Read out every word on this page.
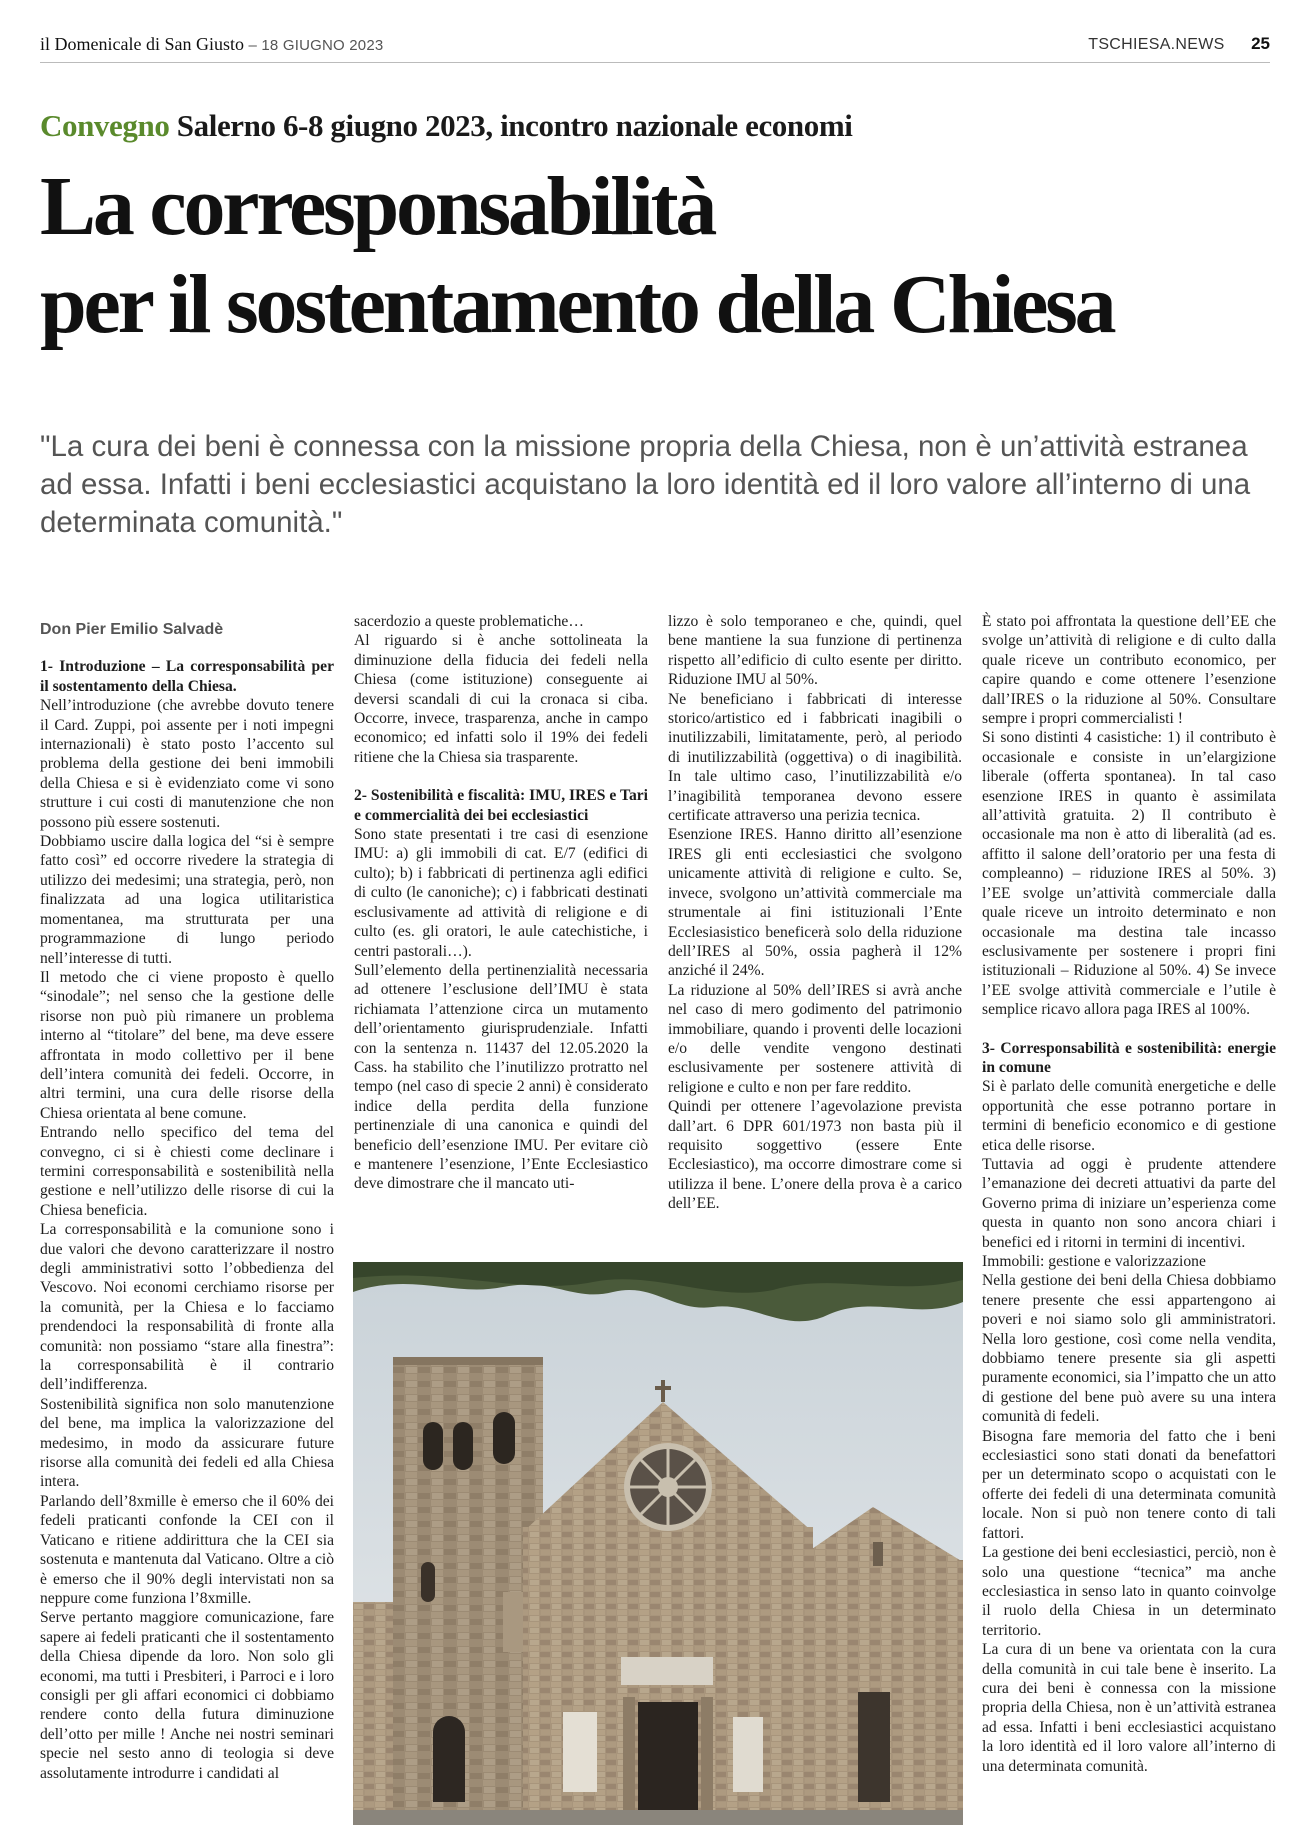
il Domenicale di San Giusto – 18 GIUGNO 2023	TSCHIESA.NEWS 25
Convegno Salerno 6-8 giugno 2023, incontro nazionale economi
La corresponsabilità
per il sostentamento della Chiesa
"La cura dei beni è connessa con la missione propria della Chiesa, non è un’attività estranea ad essa. Infatti i beni ecclesiastici acquistano la loro identità ed il loro valore all’interno di una determinata comunità."
Don Pier Emilio Salvadè

1- Introduzione – La corresponsabilità per il sostentamento della Chiesa.

Nell’introduzione (che avrebbe dovuto tenere il Card. Zuppi, poi assente per i noti impegni internazionali) è stato posto l’accento sul problema della gestione dei beni immobili della Chiesa e si è evidenziato come vi sono strutture i cui costi di manutenzione che non possono più essere sostenuti.

Dobbiamo uscire dalla logica del “si è sempre fatto così” ed occorre rivedere la strategia di utilizzo dei medesimi; una strategia, però, non finalizzata ad una logica utilitaristica momentanea, ma strutturata per una programmazione di lungo periodo nell’interesse di tutti.

Il metodo che ci viene proposto è quello “sinodale”; nel senso che la gestione delle risorse non può più rimanere un problema interno al “titolare” del bene, ma deve essere affrontata in modo collettivo per il bene dell’intera comunità dei fedeli. Occorre, in altri termini, una cura delle risorse della Chiesa orientata al bene comune.

Entrando nello specifico del tema del convegno, ci si è chiesti come declinare i termini corresponsabilità e sostenibilità nella gestione e nell’utilizzo delle risorse di cui la Chiesa beneficia.

La corresponsabilità e la comunione sono i due valori che devono caratterizzare il nostro degli amministrativi sotto l’obbedienza del Vescovo. Noi economi cerchiamo risorse per la comunità, per la Chiesa e lo facciamo prendendoci la responsabilità di fronte alla comunità: non possiamo “stare alla finestra”: la corresponsabilità è il contrario dell’indifferenza.

Sostenibilità significa non solo manutenzione del bene, ma implica la valorizzazione del medesimo, in modo da assicurare future risorse alla comunità dei fedeli ed alla Chiesa intera.

Parlando dell’8xmille è emerso che il 60% dei fedeli praticanti confonde la CEI con il Vaticano e ritiene addirittura che la CEI sia sostenuta e mantenuta dal Vaticano. Oltre a ciò è emerso che il 90% degli intervistati non sa neppure come funziona l’8xmille.

Serve pertanto maggiore comunicazione, fare sapere ai fedeli praticanti che il sostentamento della Chiesa dipende da loro. Non solo gli economi, ma tutti i Presbiteri, i Parroci e i loro consigli per gli affari economici ci dobbiamo rendere conto della futura diminuzione dell’otto per mille ! Anche nei nostri seminari specie nel sesto anno di teologia si deve assolutamente introdurre i candidati al

sacerdozio a queste problematiche…

Al riguardo si è anche sottolineata la diminuzione della fiducia dei fedeli nella Chiesa (come istituzione) conseguente ai deversi scandali di cui la cronaca si ciba. Occorre, invece, trasparenza, anche in campo economico; ed infatti solo il 19% dei fedeli ritiene che la Chiesa sia trasparente.

2- Sostenibilità e fiscalità: IMU, IRES e Tari e commercialità dei bei ecclesiastici

Sono state presentati i tre casi di esenzione IMU: a) gli immobili di cat. E/7 (edifici di culto); b) i fabbricati di pertinenza agli edifici di culto (le canoniche); c) i fabbricati destinati esclusivamente ad attività di religione e di culto (es. gli oratori, le aule catechistiche, i centri pastorali…).

Sull’elemento della pertinenzialità necessaria ad ottenere l’esclusione dell’IMU è stata richiamata l’attenzione circa un mutamento dell’orientamento giurisprudenziale. Infatti con la sentenza n. 11437 del 12.05.2020 la Cass. ha stabilito che l’inutilizzo protratto nel tempo (nel caso di specie 2 anni) è considerato indice della perdita della funzione pertinenziale di una canonica e quindi del beneficio dell’esenzione IMU. Per evitare ciò e mantenere l’esenzione, l’Ente Ecclesiastico deve dimostrare che il mancato uti-

lizzo è solo temporaneo e che, quindi, quel bene mantiene la sua funzione di pertinenza rispetto all’edificio di culto esente per diritto. Riduzione IMU al 50%.

Ne beneficiano i fabbricati di interesse storico/artistico ed i fabbricati inagibili o inutilizzabili, limitatamente, però, al periodo di inutilizzabilità (oggettiva) o di inagibilità. In tale ultimo caso, l’inutilizzabilità e/o l’inagibilità temporanea devono essere certificate attraverso una perizia tecnica.

Esenzione IRES. Hanno diritto all’esenzione IRES gli enti ecclesiastici che svolgono unicamente attività di religione e culto. Se, invece, svolgono un’attività commerciale ma strumentale ai fini istituzionali l’Ente Ecclesiasistico beneficerà solo della riduzione dell’IRES al 50%, ossia pagherà il 12% anziché il 24%.

La riduzione al 50% dell’IRES si avrà anche nel caso di mero godimento del patrimonio immobiliare, quando i proventi delle locazioni e/o delle vendite vengono destinati esclusivamente per sostenere attività di religione e culto e non per fare reddito.

Quindi per ottenere l’agevolazione prevista dall’art. 6 DPR 601/1973 non basta più il requisito soggettivo (essere Ente Ecclesiastico), ma occorre dimostrare come si utilizza il bene. L’onere della prova è a carico dell’EE.

È stato poi affrontata la questione dell’EE che svolge un’attività di religione e di culto dalla quale riceve un contributo economico, per capire quando e come ottenere l’esenzione dall’IRES o la riduzione al 50%. Consultare sempre i propri commercialisti !

Si sono distinti 4 casistiche: 1) il contributo è occasionale e consiste in un’elargizione liberale (offerta spontanea). In tal caso esenzione IRES in quanto è assimilata all’attività gratuita. 2) Il contributo è occasionale ma non è atto di liberalità (ad es. affitto il salone dell’oratorio per una festa di compleanno) – riduzione IRES al 50%. 3) l’EE svolge un’attività commerciale dalla quale riceve un introito determinato e non occasionale ma destina tale incasso esclusivamente per sostenere i propri fini istituzionali – Riduzione al 50%. 4) Se invece l’EE svolge attività commerciale e l’utile è semplice ricavo allora paga IRES al 100%.

3- Corresponsabilità e sostenibilità: energie in comune

Si è parlato delle comunità energetiche e delle opportunità che esse potranno portare in termini di beneficio economico e di gestione etica delle risorse.

Tuttavia ad oggi è prudente attendere l’emanazione dei decreti attuativi da parte del Governo prima di iniziare un’esperienza come questa in quanto non sono ancora chiari i benefici ed i ritorni in termini di incentivi.

Immobili: gestione e valorizzazione

Nella gestione dei beni della Chiesa dobbiamo tenere presente che essi appartengono ai poveri e noi siamo solo gli amministratori. Nella loro gestione, così come nella vendita, dobbiamo tenere presente sia gli aspetti puramente economici, sia l’impatto che un atto di gestione del bene può avere su una intera comunità di fedeli.

Bisogna fare memoria del fatto che i beni ecclesiastici sono stati donati da benefattori per un determinato scopo o acquistati con le offerte dei fedeli di una determinata comunità locale. Non si può non tenere conto di tali fattori.

La gestione dei beni ecclesiastici, perciò, non è solo una questione “tecnica” ma anche ecclesiastica in senso lato in quanto coinvolge il ruolo della Chiesa in un determinato territorio.

La cura di un bene va orientata con la cura della comunità in cui tale bene è inserito. La cura dei beni è connessa con la missione propria della Chiesa, non è un’attività estranea ad essa. Infatti i beni ecclesiastici acquistano la loro identità ed il loro valore all’interno di una determinata comunità.
